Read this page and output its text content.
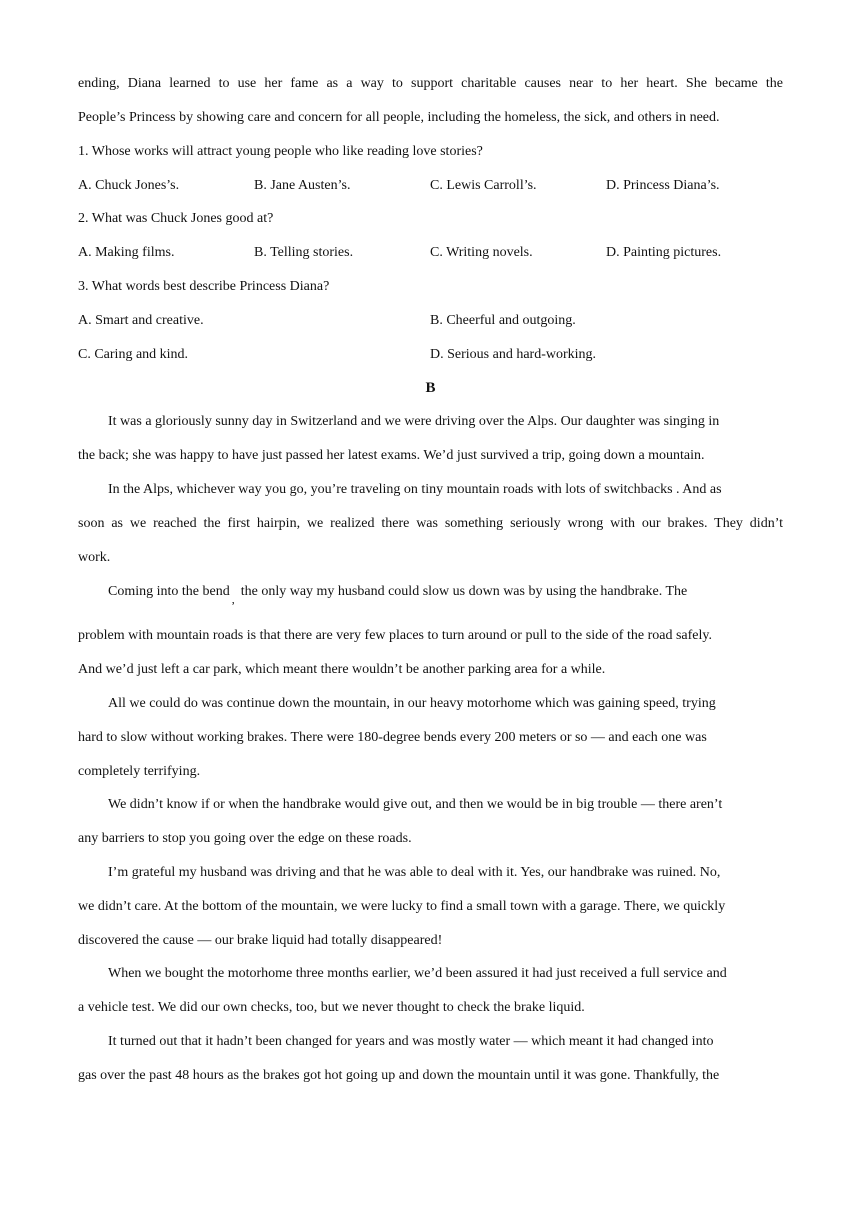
ending, Diana learned to use her fame as a way to support charitable causes near to her heart. She became the
People’s Princess by showing care and concern for all people, including the homeless, the sick, and others in need.
1. Whose works will attract young people who like reading love stories?
A. Chuck Jones’s.	B. Jane Austen’s.	C. Lewis Carroll’s.	D. Princess Diana’s.
2. What was Chuck Jones good at?
A. Making films.	B. Telling stories.	C. Writing novels.	D. Painting pictures.
3. What words best describe Princess Diana?
A. Smart and creative.	B. Cheerful and outgoing.
C. Caring and kind.	D. Serious and hard-working.
B
It was a gloriously sunny day in Switzerland and we were driving over the Alps. Our daughter was singing in
the back; she was happy to have just passed her latest exams. We’d just survived a trip, going down a mountain.
In the Alps, whichever way you go, you’re traveling on tiny mountain roads with lots of switchbacks . And as
soon as we reached the first hairpin, we realized there was something seriously wrong with our brakes. They didn’t
work.
Coming into the bend , the only way my husband could slow us down was by using the handbrake. The
problem with mountain roads is that there are very few places to turn around or pull to the side of the road safely.
And we’d just left a car park, which meant there wouldn’t be another parking area for a while.
All we could do was continue down the mountain, in our heavy motorhome which was gaining speed, trying
hard to slow without working brakes. There were 180-degree bends every 200 meters or so — and each one was
completely terrifying.
We didn’t know if or when the handbrake would give out, and then we would be in big trouble — there aren’t
any barriers to stop you going over the edge on these roads.
I’m grateful my husband was driving and that he was able to deal with it. Yes, our handbrake was ruined. No,
we didn’t care. At the bottom of the mountain, we were lucky to find a small town with a garage. There, we quickly
discovered the cause — our brake liquid had totally disappeared!
When we bought the motorhome three months earlier, we’d been assured it had just received a full service and
a vehicle test. We did our own checks, too, but we never thought to check the brake liquid.
It turned out that it hadn’t been changed for years and was mostly water — which meant it had changed into
gas over the past 48 hours as the brakes got hot going up and down the mountain until it was gone. Thankfully, the
